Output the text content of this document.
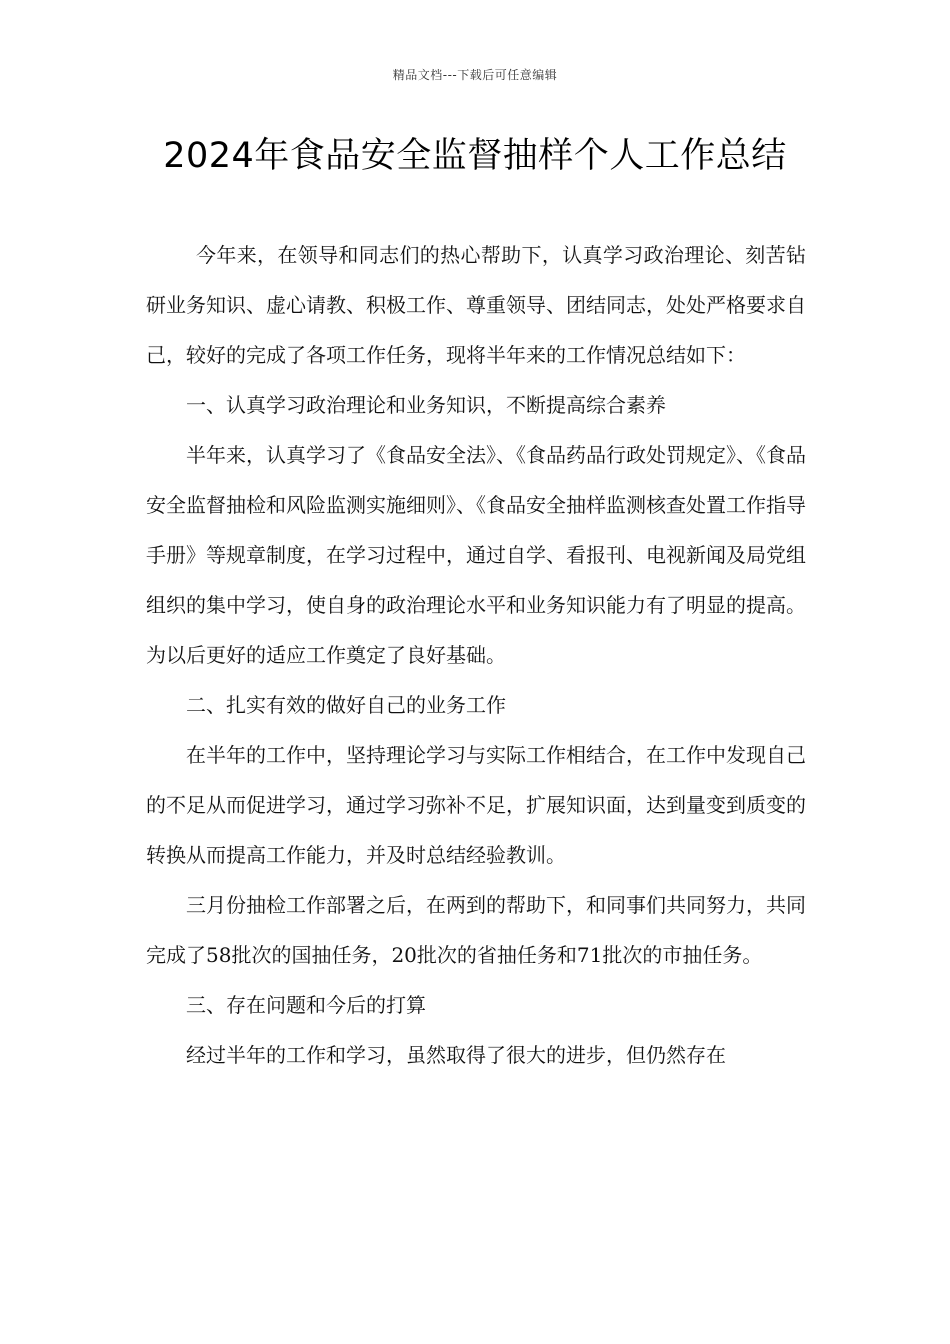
精品文档---下载后可任意编辑
2024年食品安全监督抽样个人工作总结

今年来，在领导和同志们的热心帮助下，认真学习政治理论、刻苦钻研业务知识、虚心请教、积极工作、尊重领导、团结同志，处处严格要求自己，较好的完成了各项工作任务，现将半年来的工作情况总结如下：

一、认真学习政治理论和业务知识，不断提高综合素养

半年来，认真学习了《食品安全法》、《食品药品行政处罚规定》、《食品安全监督抽检和风险监测实施细则》、《食品安全抽样监测核查处置工作指导手册》等规章制度，在学习过程中，通过自学、看报刊、电视新闻及局党组组织的集中学习，使自身的政治理论水平和业务知识能力有了明显的提高。为以后更好的适应工作奠定了良好基础。

二、扎实有效的做好自己的业务工作

在半年的工作中，坚持理论学习与实际工作相结合，在工作中发现自己的不足从而促进学习，通过学习弥补不足，扩展知识面，达到量变到质变的转换从而提高工作能力，并及时总结经验教训。

三月份抽检工作部署之后，在两到的帮助下，和同事们共同努力，共同完成了58批次的国抽任务，20批次的省抽任务和71批次的市抽任务。

三、存在问题和今后的打算

经过半年的工作和学习，虽然取得了很大的进步，但仍然存在
